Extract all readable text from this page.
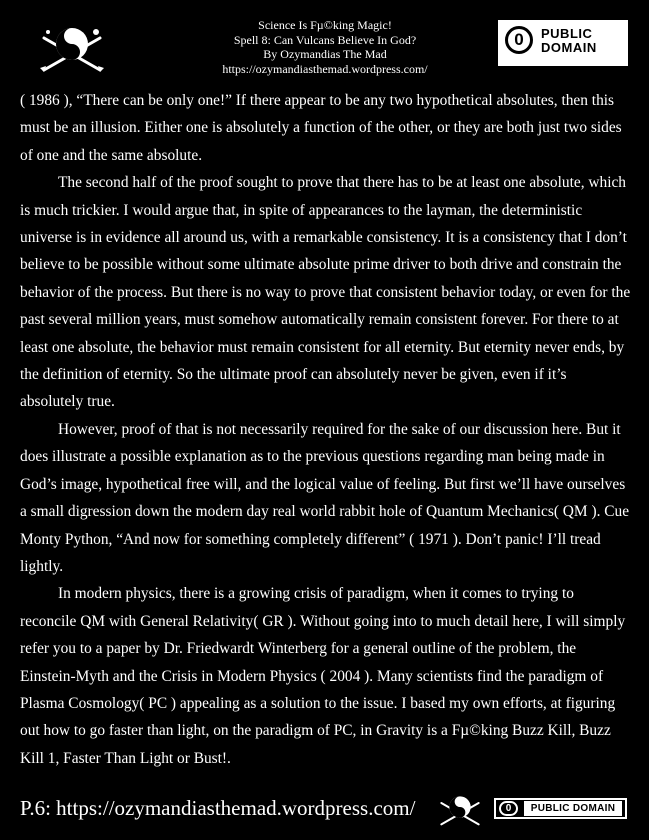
Science Is Fµ©king Magic!
Spell 8: Can Vulcans Believe In God?
By Ozymandias The Mad
https://ozymandiasthemad.wordpress.com/
0	PUBLIC
DOMAIN

( 1986 ), “There can be only one!” If there appear to be any two hypothetical absolutes, then this must be an illusion. Either one is absolutely a function of the other, or they are both just two sides of one and the same absolute.

The second half of the proof sought to prove that there has to be at least one absolute, which is much trickier. I would argue that, in spite of appearances to the layman, the deterministic universe is in evidence all around us, with a remarkable consistency. It is a consistency that I don’t believe to be possible without some ultimate absolute prime driver to both drive and constrain the behavior of the process. But there is no way to prove that consistent behavior today, or even for the past several million years, must somehow automatically remain consistent forever. For there to at least one absolute, the behavior must remain consistent for all eternity. But eternity never ends, by the definition of eternity. So the ultimate proof can absolutely never be given, even if it’s absolutely true.

However, proof of that is not necessarily required for the sake of our discussion here. But it does illustrate a possible explanation as to the previous questions regarding man being made in God’s image, hypothetical free will, and the logical value of feeling. But first we’ll have ourselves a small digression down the modern day real world rabbit hole of Quantum Mechanics( QM ). Cue Monty Python, “And now for something completely different” ( 1971 ). Don’t panic! I’ll tread lightly.

In modern physics, there is a growing crisis of paradigm, when it comes to trying to reconcile QM with General Relativity( GR ). Without going into to much detail here, I will simply refer you to a paper by Dr. Friedwardt Winterberg for a general outline of the problem, the Einstein-Myth and the Crisis in Modern Physics ( 2004 ). Many scientists find the paradigm of Plasma Cosmology( PC ) appealing as a solution to the issue. I based my own efforts, at figuring out how to go faster than light, on the paradigm of PC, in Gravity is a Fµ©king Buzz Kill, Buzz Kill 1, Faster Than Light or Bust!.

P.6: https://ozymandiasthemad.wordpress.com/	0	PUBLIC DOMAIN
